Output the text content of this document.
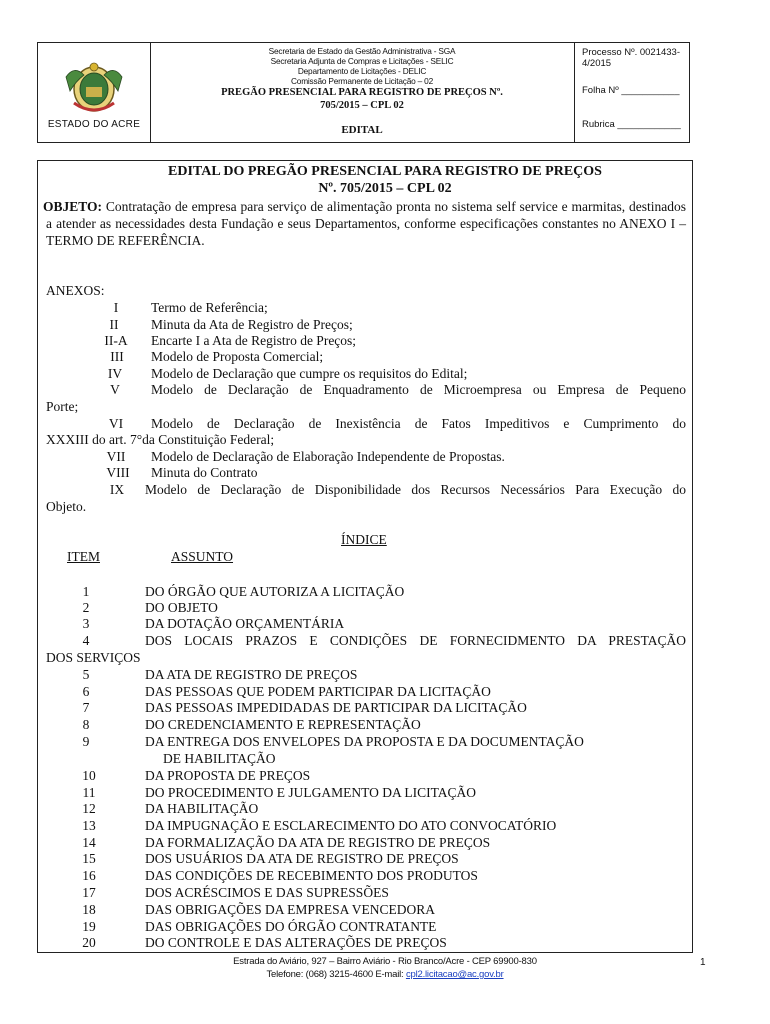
ESTADO DO ACRE
Secretaria de Estado da Gestão Administrativa - SGA
Secretaria Adjunta de Compras e Licitações - SELIC
Departamento de Licitações - DELIC
Comissão Permanente de Licitação – 02
PREGÃO PRESENCIAL PARA REGISTRO DE PREÇOS Nº.
705/2015 – CPL 02
EDITAL
Processo Nº. 0021433-4/2015
Folha Nº ___________
Rubrica ____________
EDITAL DO PREGÃO PRESENCIAL PARA REGISTRO DE PREÇOS
Nº. 705/2015 – CPL 02
OBJETO: Contratação de empresa para serviço de alimentação pronta no sistema self service e marmitas, destinados a atender as necessidades desta Fundação e seus Departamentos, conforme especificações constantes no ANEXO I – TERMO DE REFERÊNCIA.
ANEXOS:
I	Termo de Referência;
II	Minuta da Ata de Registro de Preços;
II-A	Encarte I a Ata de Registro de Preços;
III	Modelo de Proposta Comercial;
IV	Modelo de Declaração que cumpre os requisitos do Edital;
V	Modelo de Declaração de Enquadramento de Microempresa ou Empresa de Pequeno
Porte;
VI	Modelo de Declaração de Inexistência de Fatos Impeditivos e Cumprimento do
XXXIII do art. 7°da Constituição Federal;
VII	Modelo de Declaração de Elaboração Independente de Propostas.
VIII	Minuta do Contrato
IX	Modelo de Declaração de Disponibilidade dos Recursos Necessários Para Execução do
Objeto.
ÍNDICE
ITEM	ASSUNTO
1	DO ÓRGÃO QUE AUTORIZA A LICITAÇÃO
2	DO OBJETO
3	DA DOTAÇÃO ORÇAMENTÁRIA
4	DOS LOCAIS PRAZOS E CONDIÇÕES DE FORNECIDMENTO DA PRESTAÇÃO
DOS SERVIÇOS
5	DA ATA DE REGISTRO DE PREÇOS
6	DAS PESSOAS QUE PODEM PARTICIPAR DA LICITAÇÃO
7	DAS PESSOAS IMPEDIDADAS DE PARTICIPAR DA LICITAÇÃO
8	DO CREDENCIAMENTO E REPRESENTAÇÃO
9	DA ENTREGA DOS ENVELOPES DA PROPOSTA E DA DOCUMENTAÇÃO
DE HABILITAÇÃO
10	DA PROPOSTA DE PREÇOS
11	DO PROCEDIMENTO E JULGAMENTO DA LICITAÇÃO
12	DA HABILITAÇÃO
13	DA IMPUGNAÇÃO E ESCLARECIMENTO DO ATO CONVOCATÓRIO
14	DA FORMALIZAÇÃO DA ATA DE REGISTRO DE PREÇOS
15	DOS USUÁRIOS DA ATA DE REGISTRO DE PREÇOS
16	DAS CONDIÇÕES DE RECEBIMENTO DOS PRODUTOS
17	DOS ACRÉSCIMOS E DAS SUPRESSÕES
18	DAS OBRIGAÇÕES DA EMPRESA VENCEDORA
19	DAS OBRIGAÇÕES DO ÓRGÃO CONTRATANTE
20	DO CONTROLE E DAS ALTERAÇÕES DE PREÇOS
Estrada do Aviário, 927 – Bairro Aviário - Rio Branco/Acre - CEP 69900-830
Telefone: (068) 3215-4600 E-mail: cpl2.licitacao@ac.gov.br
1
